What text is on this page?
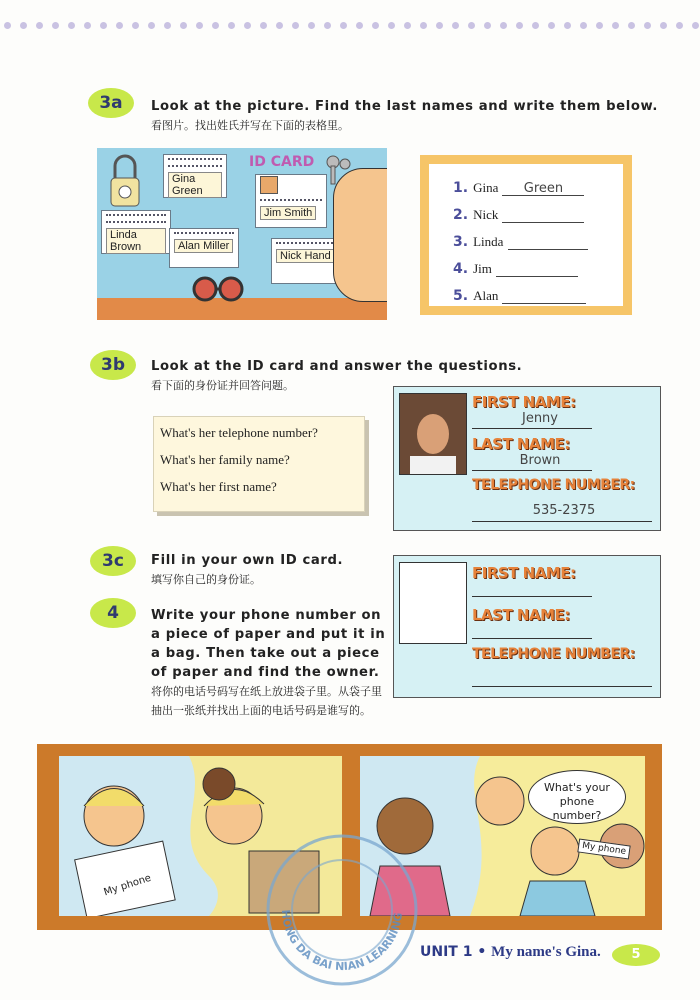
3a	Look at the picture. Find the last names and write them below. 看图片。找出姓氏并写在下面的表格里。
Gina Green
ID CARD
Jim Smith
Linda Brown	Alan Miller
Nick Hand
1. Gina Green
2. Nick
3. Linda
4. Jim
5. Alan
3b	Look at the ID card and answer the questions.
看下面的身份证并回答问题。
What's her telephone number?
What's her family name?
What's her first name?
FIRST NAME:
Jenny
LAST NAME:
Brown
TELEPHONE NUMBER:
535-2375
3c	Fill in your own ID card.
填写你自己的身份证。	FIRST NAME:
LAST NAME:
TELEPHONE NUMBER:
4	Write your phone number on a piece of paper and put it in a bag. Then take out a piece of paper and find the owner. 将你的电话号码写在纸上放进袋子里。从袋子里抽出一张纸并找出上面的电话号码是谁写的。
My phone
What's your phone number?
My phone
HONG DA BAI NIAN LEARNING
UNIT 1 • My name's Gina.	5
